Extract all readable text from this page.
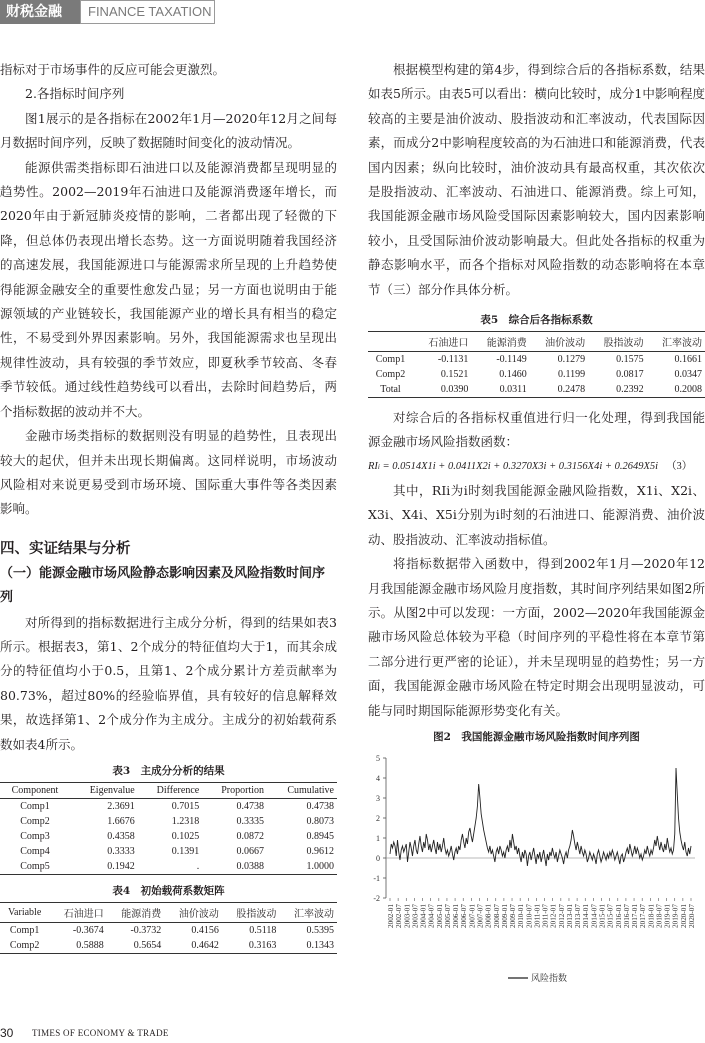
财税金融	FINANCE TAXATION

指标对于市场事件的反应可能会更激烈。

2.各指标时间序列

图1展示的是各指标在2002年1月—2020年12月之间每月数据时间序列，反映了数据随时间变化的波动情况。

能源供需类指标即石油进口以及能源消费都呈现明显的趋势性。2002—2019年石油进口及能源消费逐年增长，而2020年由于新冠肺炎疫情的影响，二者都出现了轻微的下降，但总体仍表现出增长态势。这一方面说明随着我国经济的高速发展，我国能源进口与能源需求所呈现的上升趋势使得能源金融安全的重要性愈发凸显；另一方面也说明由于能源领域的产业链较长，我国能源产业的增长具有相当的稳定性，不易受到外界因素影响。另外，我国能源需求也呈现出规律性波动，具有较强的季节效应，即夏秋季节较高、冬春季节较低。通过线性趋势线可以看出，去除时间趋势后，两个指标数据的波动并不大。

金融市场类指标的数据则没有明显的趋势性，且表现出较大的起伏，但并未出现长期偏离。这同样说明，市场波动风险相对来说更易受到市场环境、国际重大事件等各类因素影响。

四、实证结果与分析
（一）能源金融市场风险静态影响因素及风险指数时间序列

对所得到的指标数据进行主成分分析，得到的结果如表3所示。根据表3，第1、2个成分的特征值均大于1，而其余成分的特征值均小于0.5，且第1、2个成分累计方差贡献率为80.73%，超过80%的经验临界值，具有较好的信息解释效果，故选择第1、2个成分作为主成分。主成分的初始载荷系数如表4所示。

表3　主成分分析的结果
Component	Eigenvalue	Difference	Proportion	Cumulative
Comp1	2.3691	0.7015	0.4738	0.4738
Comp2	1.6676	1.2318	0.3335	0.8073
Comp3	0.4358	0.1025	0.0872	0.8945
Comp4	0.3333	0.1391	0.0667	0.9612
Comp5	0.1942	.	0.0388	1.0000
表4　初始载荷系数矩阵
Variable	石油进口	能源消费	油价波动	股指波动	汇率波动
Comp1	-0.3674	-0.3732	0.4156	0.5118	0.5395
Comp2	0.5888	0.5654	0.4642	0.3163	0.1343

根据模型构建的第4步，得到综合后的各指标系数，结果如表5所示。由表5可以看出：横向比较时，成分1中影响程度较高的主要是油价波动、股指波动和汇率波动，代表国际因素，而成分2中影响程度较高的为石油进口和能源消费，代表国内因素；纵向比较时，油价波动具有最高权重，其次依次是股指波动、汇率波动、石油进口、能源消费。综上可知，我国能源金融市场风险受国际因素影响较大，国内因素影响较小，且受国际油价波动影响最大。但此处各指标的权重为静态影响水平，而各个指标对风险指数的动态影响将在本章节（三）部分作具体分析。

表5　综合后各指标系数
	石油进口	能源消费	油价波动	股指波动	汇率波动
Comp1	-0.1131	-0.1149	0.1279	0.1575	0.1661
Comp2	0.1521	0.1460	0.1199	0.0817	0.0347
Total	0.0390	0.0311	0.2478	0.2392	0.2008

对综合后的各指标权重值进行归一化处理，得到我国能源金融市场风险指数函数：

RIi = 0.0514X1i + 0.0411X2i + 0.3270X3i + 0.3156X4i + 0.2649X5i （3）

其中，RIi为i时刻我国能源金融风险指数，X1i、X2i、X3i、X4i、X5i分别为i时刻的石油进口、能源消费、油价波动、股指波动、汇率波动指标值。

将指标数据带入函数中，得到2002年1月—2020年12月我国能源金融市场风险月度指数，其时间序列结果如图2所示。从图2中可以发现：一方面，2002—2020年我国能源金融市场风险总体较为平稳（时间序列的平稳性将在本章节第二部分进行更严密的论证），并未呈现明显的趋势性；另一方面，我国能源金融市场风险在特定时期会出现明显波动，可能与同时期国际能源形势变化有关。

图2　我国能源金融市场风险指数时间序列图
5
4
3
2
1
0
-1
-2
2002-01 2002-07 2003-01 2003-07 2004-01 2004-07 2005-01 2005-07 2006-01 2006-07 2007-01 2007-07 2008-01 2008-07 2009-01 2009-07 2010-01 2010-07 2011-01 2011-07 2012-01 2012-07 2013-01 2013-07 2014-01 2014-07 2015-01 2015-07 2016-01 2016-07 2017-01 2017-07 2018-01 2018-07 2019-01 2019-07 2020-01 2020-07
风险指数
30 TIMES OF ECONOMY & TRADE
